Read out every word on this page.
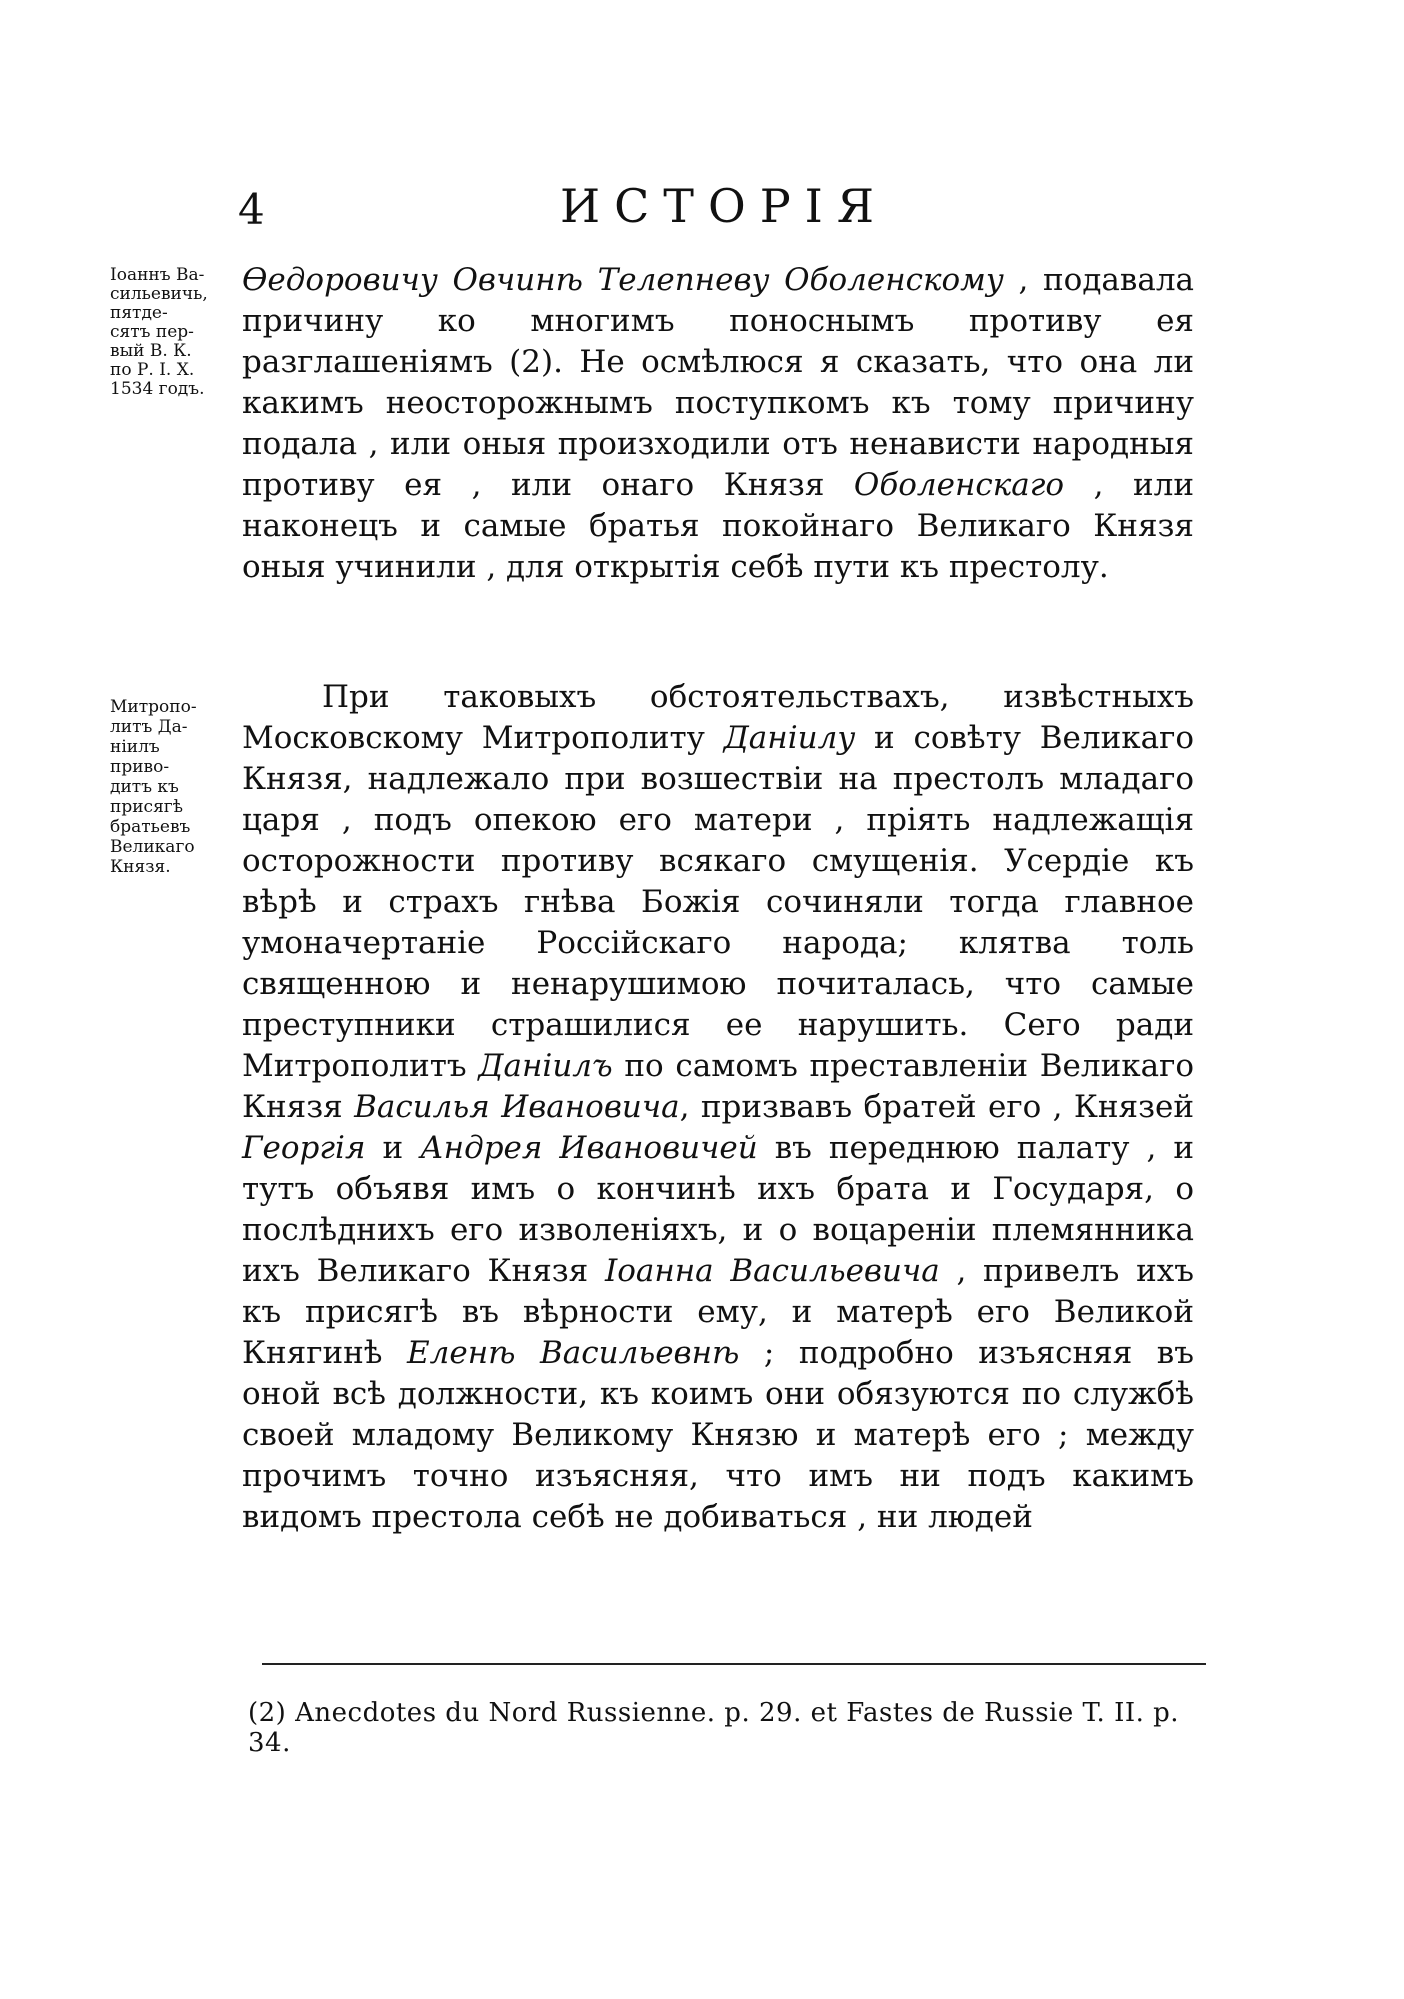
4	ИСТОРІЯ
Іоаннъ Ва-
сильевичь,
пятде-
сятъ пер-
вый В. К.
по Р. І. Х.
1534 годъ.

Ѳедоровичу Овчинѣ Телепневу Оболенскому , подавала причину ко многимъ поноснымъ противу ея разглашеніямъ (2). Не осмѣлюся я сказать, что она ли какимъ неосторожнымъ поступкомъ къ тому причину подала , или оныя произходили отъ ненависти народныя противу ея , или онаго Князя Оболенскаго , или наконецъ и самые братья покойнаго Великаго Князя оныя учинили , для открытія себѣ пути къ престолу.

Митропо-
литъ Да-
ніилъ
приво-
дитъ къ
присягѣ
братьевъ
Великаго
Князя.

При таковыхъ обстоятельствахъ, извѣстныхъ Московскому Митрополиту Даніилу и совѣту Великаго Князя, надлежало при возшествіи на престолъ младаго царя , подъ опекою его матери , пріять надлежащія осторожности противу всякаго смущенія. Усердіе къ вѣрѣ и страхъ гнѣва Божія сочиняли тогда главное умоначертаніе Россійскаго народа; клятва толь священною и ненарушимою почиталась, что самые преступники страшилися ее нарушить. Сего ради Митрополитъ Даніилъ по самомъ преставленіи Великаго Князя Василья Ивановича, призвавъ братей его , Князей Георгія и Андрея Ивановичей въ переднюю палату , и тутъ объявя имъ о кончинѣ ихъ брата и Государя, о послѣднихъ его изволеніяхъ, и о воцареніи племянника ихъ Великаго Князя Іоанна Васильевича , привелъ ихъ къ присягѣ въ вѣрности ему, и матерѣ его Великой Княгинѣ Еленѣ Васильевнѣ ; подробно изъясняя въ оной всѣ должности, къ коимъ они обязуются по службѣ своей младому Великому Князю и матерѣ его ; между прочимъ точно изъясняя, что имъ ни подъ какимъ видомъ престола себѣ не добиваться , ни людей

(2) Anecdotes du Nord Russienne. p. 29. et Fastes de Russie T. II. p. 34.
